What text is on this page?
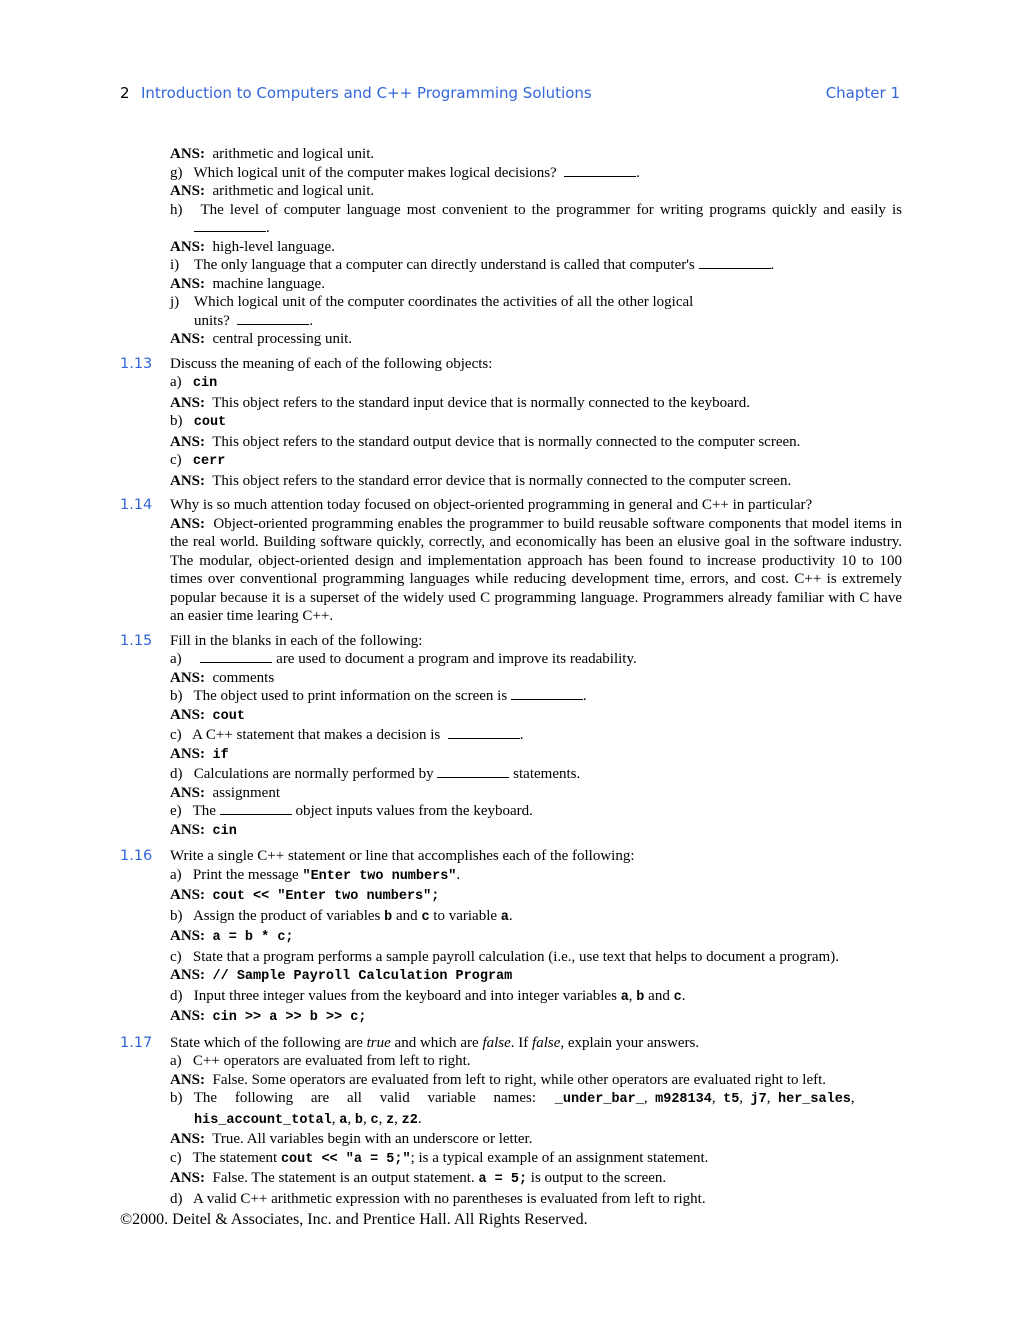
2 Introduction to Computers and C++ Programming Solutions	Chapter 1
ANS: arithmetic and logical unit.
g) Which logical unit of the computer makes logical decisions?	.
ANS: arithmetic and logical unit.
h) The level of computer language most convenient to the programmer for writing programs quickly and easily is .
ANS: high-level language.
i) The only language that a computer can directly understand is called that computer's	.
ANS: machine language.
j) Which logical unit of the computer coordinates the activities of all the other logical
units?	.
ANS: central processing unit.
1.13 Discuss the meaning of each of the following objects:
a) cin
ANS: This object refers to the standard input device that is normally connected to the keyboard.
b) cout
ANS: This object refers to the standard output device that is normally connected to the computer screen.
c) cerr
ANS: This object refers to the standard error device that is normally connected to the computer screen.
1.14 Why is so much attention today focused on object-oriented programming in general and C++ in particular?
ANS: Object-oriented programming enables the programmer to build reusable software components that model items in the real world. Building software quickly, correctly, and economically has been an elusive goal in the software industry. The modular, object-oriented design and implementation approach has been found to increase productivity 10 to 100 times over conventional programming languages while reducing development time, errors, and cost. C++ is extremely popular because it is a superset of the widely used C programming language. Programmers already familiar with C have an easier time learing C++.
1.15 Fill in the blanks in each of the following:
a)	are used to document a program and improve its readability.
ANS: comments
b) The object used to print information on the screen is	.
ANS: cout
c) A C++ statement that makes a decision is	.
ANS: if
d) Calculations are normally performed by	statements.
ANS: assignment
e) The	object inputs values from the keyboard.
ANS: cin
1.16 Write a single C++ statement or line that accomplishes each of the following:
a) Print the message "Enter two numbers".
ANS: cout << "Enter two numbers";
b) Assign the product of variables b and c to variable a.
ANS: a = b * c;
c) State that a program performs a sample payroll calculation (i.e., use text that helps to document a program).
ANS: // Sample Payroll Calculation Program
d) Input three integer values from the keyboard and into integer variables a, b and c.
ANS: cin >> a >> b >> c;
1.17 State which of the following are true and which are false. If false, explain your answers.
a) C++ operators are evaluated from left to right.
ANS: False. Some operators are evaluated from left to right, while other operators are evaluated right to left.
b) The following are all valid variable names: _under_bar_,  m928134,  t5,  j7,  her_sales, his_account_total, a, b, c, z, z2.
ANS: True. All variables begin with an underscore or letter.
c) The statement cout << "a = 5;"; is a typical example of an assignment statement.
ANS: False. The statement is an output statement. a = 5; is output to the screen.
d) A valid C++ arithmetic expression with no parentheses is evaluated from left to right.
©2000. Deitel & Associates, Inc. and Prentice Hall. All Rights Reserved.
